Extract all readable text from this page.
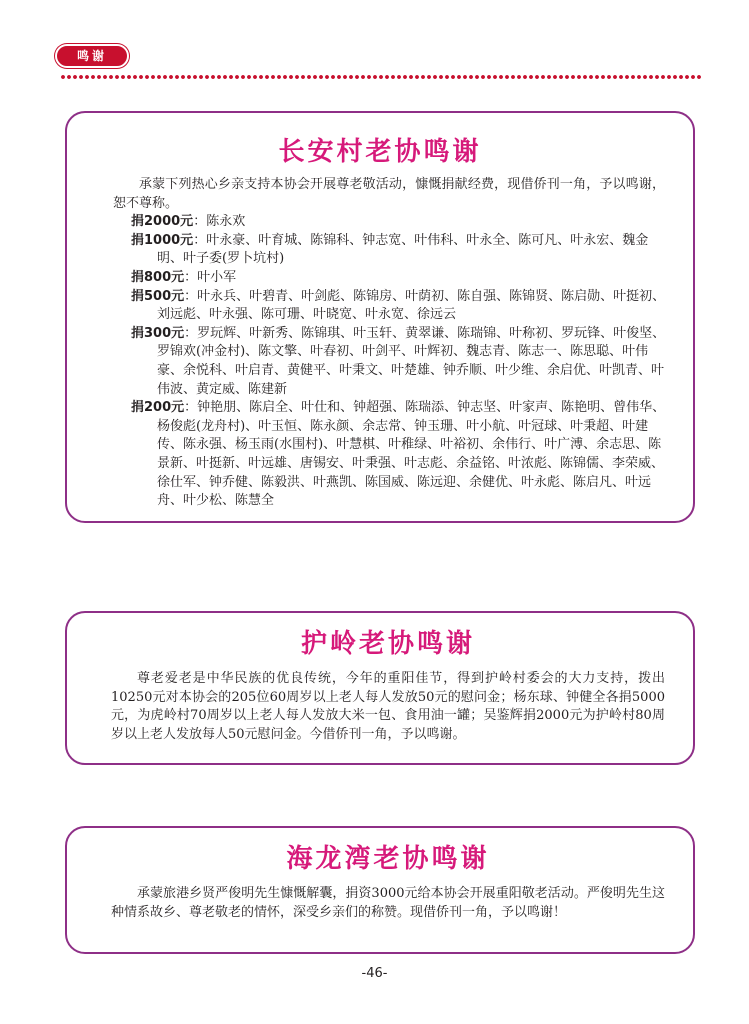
鸣谢
长安村老协鸣谢

承蒙下列热心乡亲支持本协会开展尊老敬活动，慷慨捐献经费，现借侨刊一角，予以鸣谢，恕不尊称。

捐2000元：陈永欢
捐1000元：叶永豪、叶育城、陈锦科、钟志宽、叶伟科、叶永全、陈可凡、叶永宏、魏金明、叶子委(罗卜坑村)
捐800元：叶小军
捐500元：叶永兵、叶碧青、叶剑彪、陈锦房、叶荫初、陈自强、陈锦贤、陈启勋、叶挺初、刘远彪、叶永强、陈可珊、叶晓宽、叶永宽、徐远云
捐300元：罗玩辉、叶新秀、陈锦琪、叶玉轩、黄翠谦、陈瑞锦、叶称初、罗玩锋、叶俊坚、罗锦欢(冲金村)、陈文擎、叶春初、叶剑平、叶辉初、魏志青、陈志一、陈思聪、叶伟豪、余悦科、叶启青、黄健平、叶秉文、叶楚雄、钟乔顺、叶少维、余启优、叶凯青、叶伟波、黄定威、陈建新
捐200元：钟艳朋、陈启全、叶仕和、钟超强、陈瑞添、钟志坚、叶家声、陈艳明、曾伟华、杨俊彪(龙舟村)、叶玉恒、陈永颜、余志常、钟玉珊、叶小航、叶冠球、叶秉超、叶建传、陈永强、杨玉雨(水围村)、叶慧棋、叶稚绿、叶裕初、余伟行、叶广溥、余志思、陈景新、叶挺新、叶远雄、唐锡安、叶秉强、叶志彪、余益铭、叶浓彪、陈锦儒、李荣威、徐仕军、钟乔健、陈毅洪、叶燕凯、陈国威、陈远迎、余健优、叶永彪、陈启凡、叶远舟、叶少松、陈慧全
护岭老协鸣谢

尊老爱老是中华民族的优良传统，今年的重阳佳节，得到护岭村委会的大力支持，拨出10250元对本协会的205位60周岁以上老人每人发放50元的慰问金；杨东球、钟健全各捐5000元，为虎岭村70周岁以上老人每人发放大米一包、食用油一罐；吴鉴辉捐2000元为护岭村80周岁以上老人发放每人50元慰问金。今借侨刊一角，予以鸣谢。

海龙湾老协鸣谢

承蒙旅港乡贤严俊明先生慷慨解囊，捐资3000元给本协会开展重阳敬老活动。严俊明先生这种情系故乡、尊老敬老的情怀，深受乡亲们的称赞。现借侨刊一角，予以鸣谢！

-46-
